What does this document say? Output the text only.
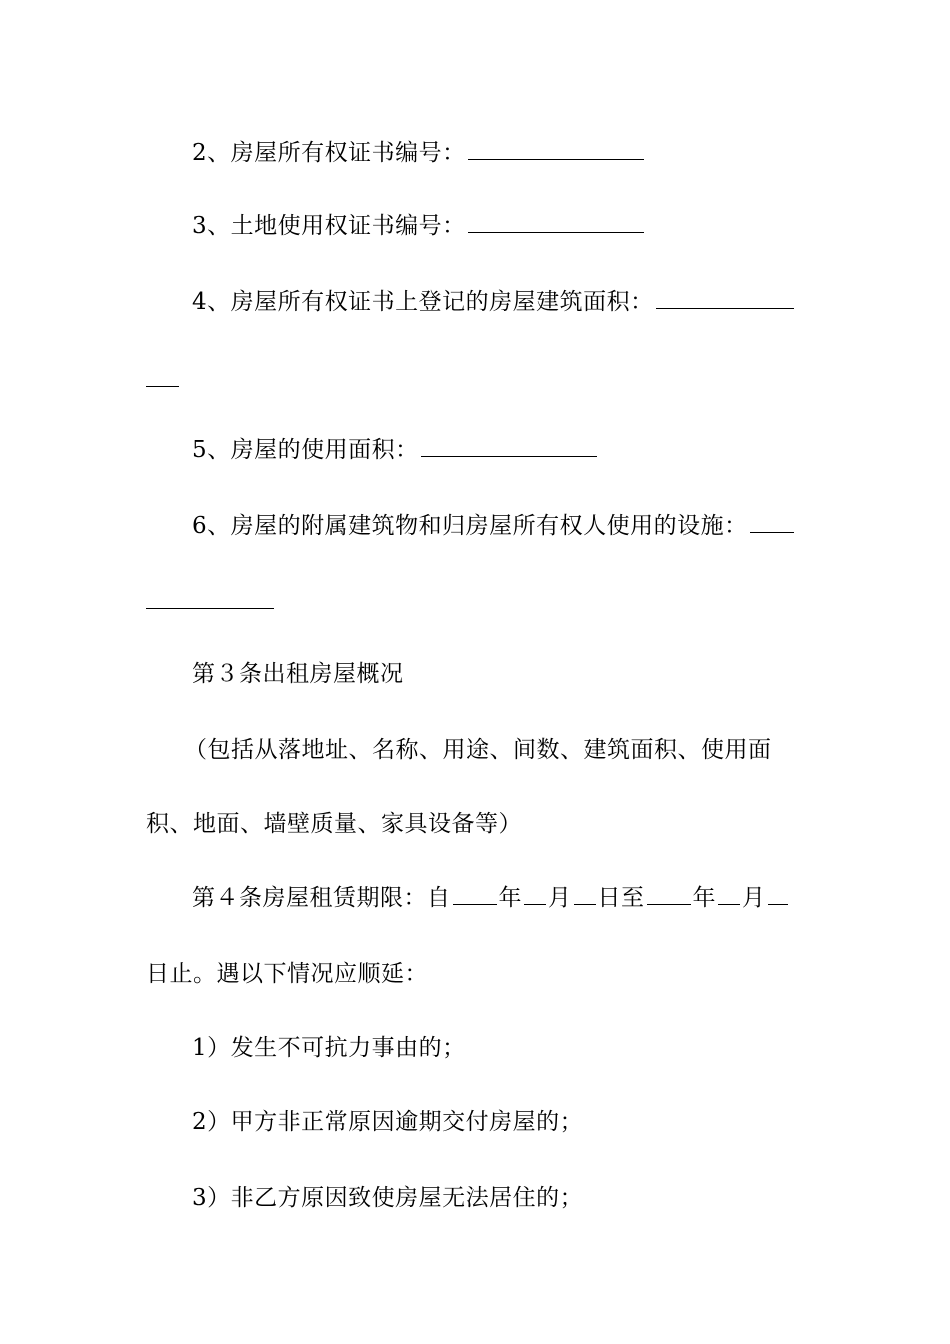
2、房屋所有权证书编号：
3、土地使用权证书编号：
4、房屋所有权证书上登记的房屋建筑面积：
5、房屋的使用面积：
6、房屋的附属建筑物和归房屋所有权人使用的设施：
第３条出租房屋概况
（包括从落地址、名称、用途、间数、建筑面积、使用面
积、地面、墙壁质量、家具设备等）
第４条房屋租赁期限：自 年 月 日至 年 月
日止。遇以下情况应顺延：
1）发生不可抗力事由的；
2）甲方非正常原因逾期交付房屋的；
3）非乙方原因致使房屋无法居住的；
